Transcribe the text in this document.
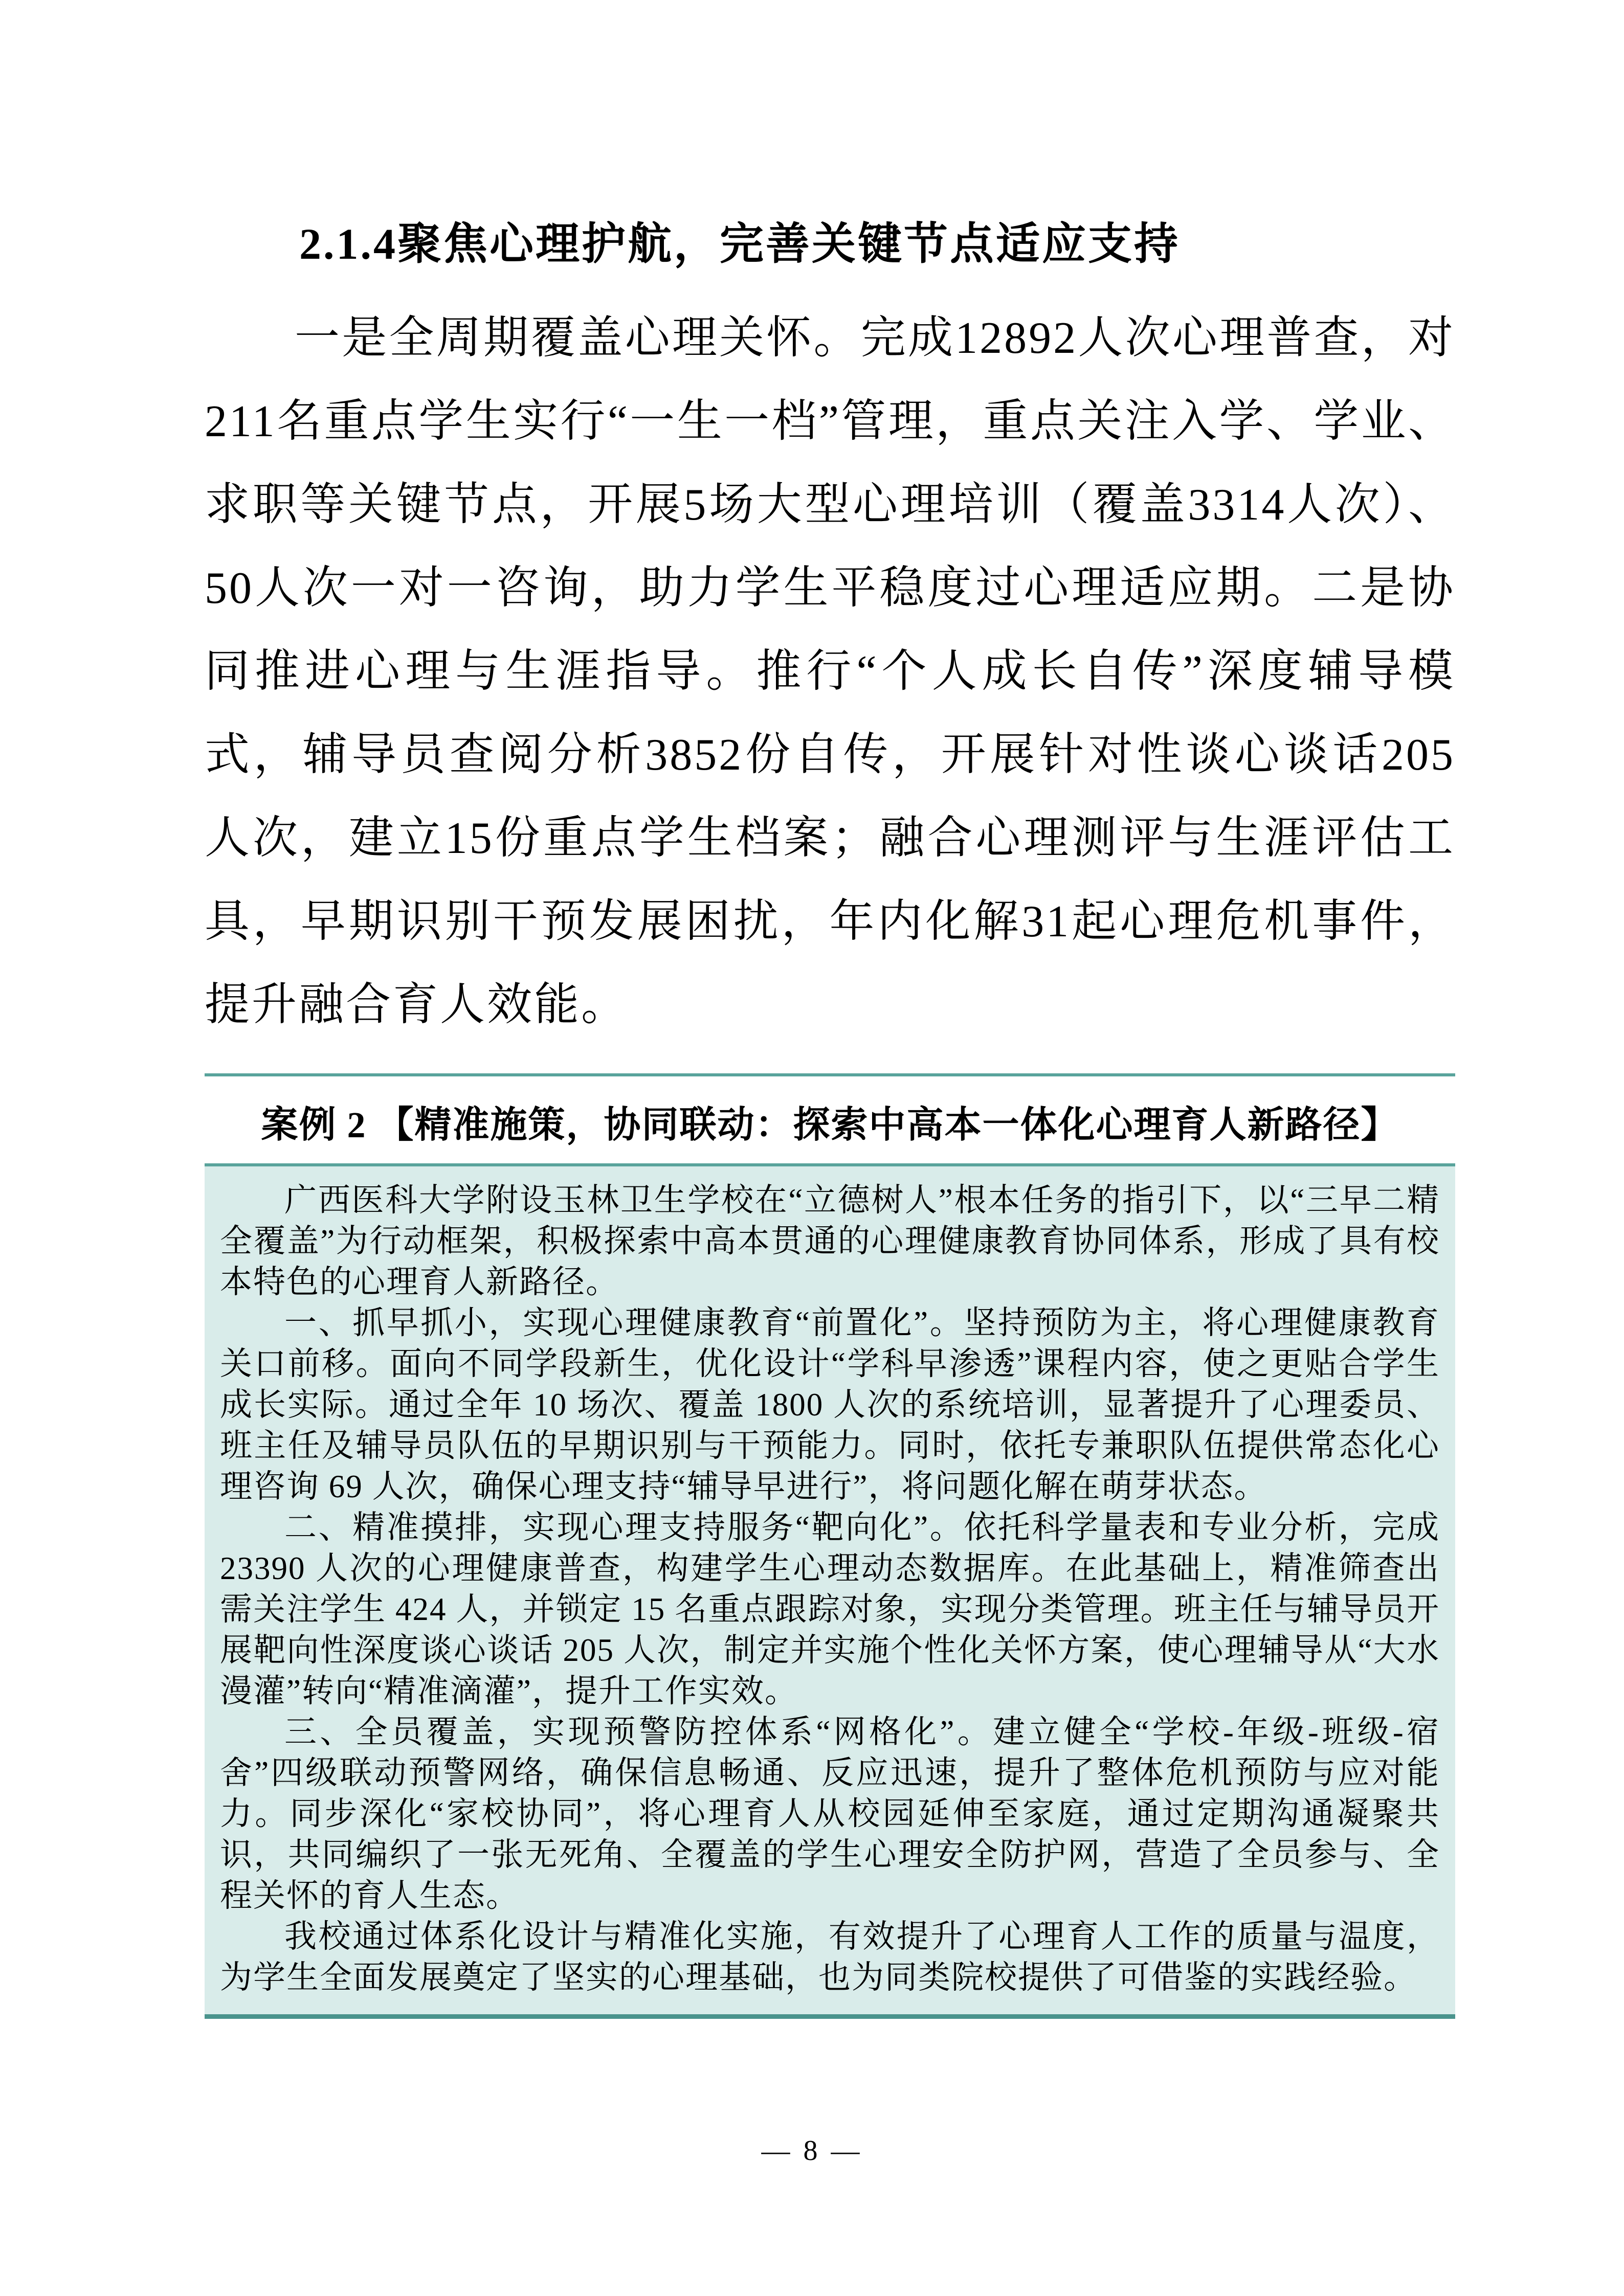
2.1.4聚焦心理护航，完善关键节点适应支持

一是全周期覆盖心理关怀。完成12892人次心理普查，对211名重点学生实行“一生一档”管理，重点关注入学、学业、求职等关键节点，开展5场大型心理培训（覆盖3314人次）、50人次一对一咨询，助力学生平稳度过心理适应期。二是协同推进心理与生涯指导。推行“个人成长自传”深度辅导模式，辅导员查阅分析3852份自传，开展针对性谈心谈话205人次，建立15份重点学生档案；融合心理测评与生涯评估工具，早期识别干预发展困扰，年内化解31起心理危机事件，提升融合育人效能。

案例 2 【精准施策，协同联动：探索中高本一体化心理育人新路径】

广西医科大学附设玉林卫生学校在“立德树人”根本任务的指引下，以“三早二精全覆盖”为行动框架，积极探索中高本贯通的心理健康教育协同体系，形成了具有校本特色的心理育人新路径。

一、抓早抓小，实现心理健康教育“前置化”。坚持预防为主，将心理健康教育关口前移。面向不同学段新生，优化设计“学科早渗透”课程内容，使之更贴合学生成长实际。通过全年 10 场次、覆盖 1800 人次的系统培训，显著提升了心理委员、班主任及辅导员队伍的早期识别与干预能力。同时，依托专兼职队伍提供常态化心理咨询 69 人次，确保心理支持“辅导早进行”，将问题化解在萌芽状态。

二、精准摸排，实现心理支持服务“靶向化”。依托科学量表和专业分析，完成 23390 人次的心理健康普查，构建学生心理动态数据库。在此基础上，精准筛查出需关注学生 424 人，并锁定 15 名重点跟踪对象，实现分类管理。班主任与辅导员开展靶向性深度谈心谈话 205 人次，制定并实施个性化关怀方案，使心理辅导从“大水漫灌”转向“精准滴灌”，提升工作实效。

三、全员覆盖，实现预警防控体系“网格化”。建立健全“学校-年级-班级-宿舍”四级联动预警网络，确保信息畅通、反应迅速，提升了整体危机预防与应对能力。同步深化“家校协同”，将心理育人从校园延伸至家庭，通过定期沟通凝聚共识，共同编织了一张无死角、全覆盖的学生心理安全防护网，营造了全员参与、全程关怀的育人生态。

我校通过体系化设计与精准化实施，有效提升了心理育人工作的质量与温度，为学生全面发展奠定了坚实的心理基础，也为同类院校提供了可借鉴的实践经验。

— 8 —
